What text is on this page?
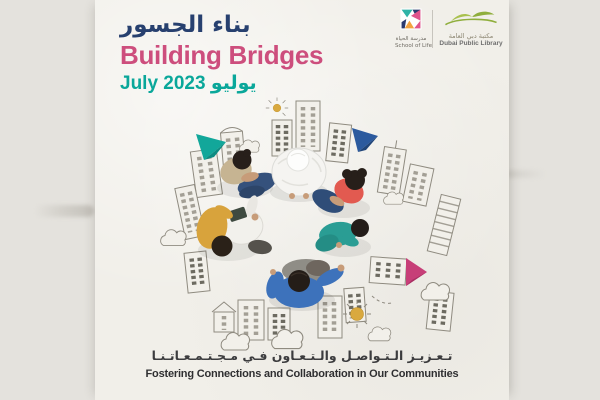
بناء الجسور
Building Bridges
July 2023 يوليو
مدرسة الحياة
School of Life
مكتبة دبي العامة
Dubai Public Library
تـعـزيـز الـتـواصـل والـتـعـاون فـي مـجـتـمـعـاتـنـا
Fostering Connections and Collaboration in Our Communities
